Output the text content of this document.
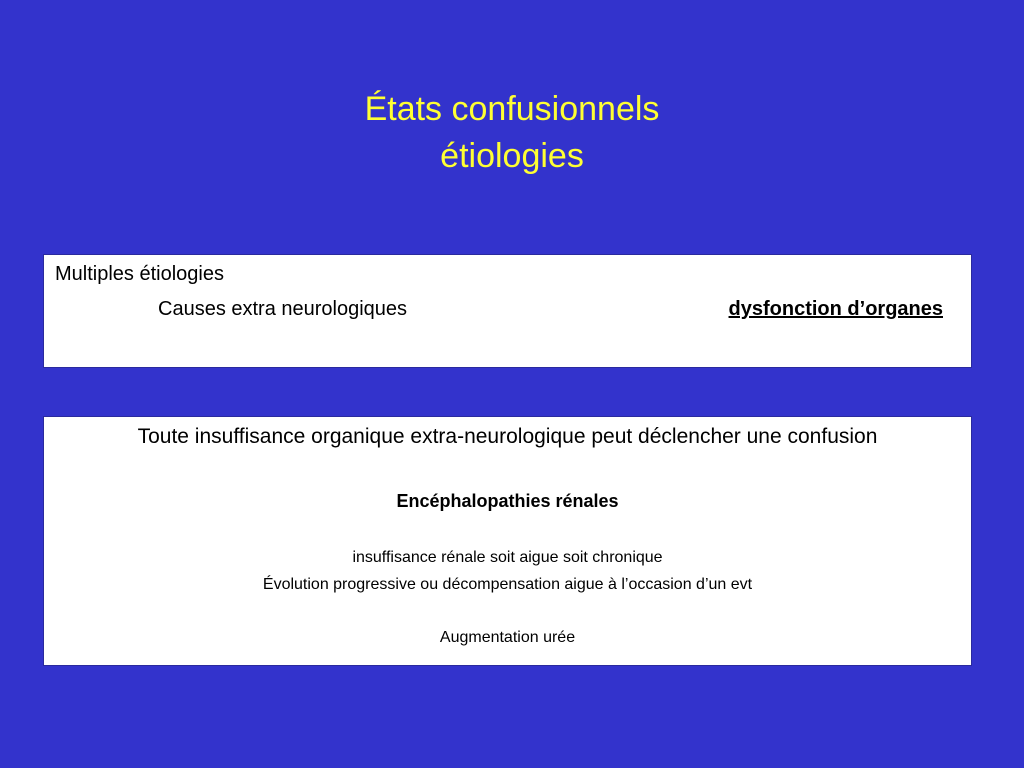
États confusionnels
étiologies
Multiples étiologies
Causes extra neurologiques	dysfonction d’organes
Toute insuffisance organique extra-neurologique peut déclencher une confusion
Encéphalopathies rénales
insuffisance rénale soit aigue soit chronique
Évolution progressive ou décompensation aigue à l’occasion d’un evt
Augmentation urée
